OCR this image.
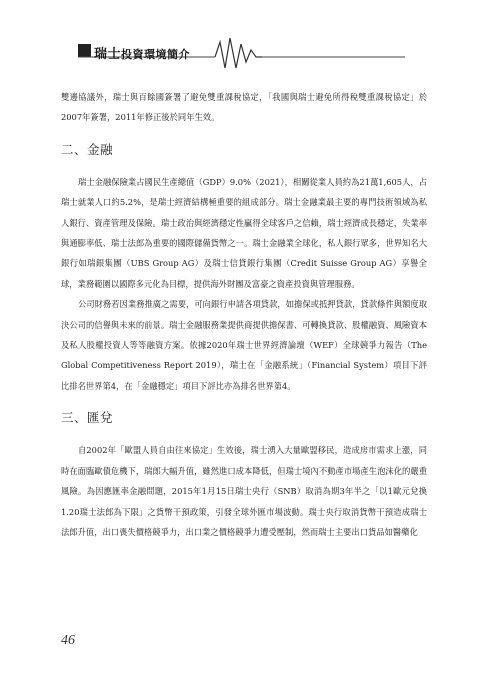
瑞士投資環境簡介

雙邊協議外，瑞士與百餘國簽署了避免雙重課稅協定，「我國與瑞士避免所得稅雙重課稅協定」於2007年簽署，2011年修正後於同年生效。

二、金融

瑞士金融保險業占國民生產總值（GDP）9.0%（2021），相關從業人員約為21萬1,605人，占瑞士就業人口約5.2%，是瑞士經濟結構極重要的組成部分。瑞士金融業最主要的專門技術領域為私人銀行、資產管理及保險。瑞士政治與經濟穩定性贏得全球客戶之信賴，瑞士經濟成長穩定，失業率與通膨率低、瑞士法郎為重要的國際儲備貨幣之一。瑞士金融業全球化，私人銀行眾多，世界知名大銀行如瑞銀集團（UBS Group AG）及瑞士信貸銀行集團（Credit Suisse Group AG）享譽全球，業務範圍以國際多元化為目標，提供海外財團及富豪之資產投資與管理服務。

公司財務若因業務推廣之需要，可向銀行申請各項貸款，如擔保或抵押貸款，貸款條件與額度取決公司的信譽與未來的前景。瑞士金融服務業提供商提供擔保書、可轉換貸款、股權融資、風險資本及私人股權投資人等等融資方案。依據2020年瑞士世界經濟論壇（WEF）全球競爭力報告（The Global Competitiveness Report 2019），瑞士在「金融系統」（Financial System）項目下評比排名世界第4，在「金融穩定」項目下評比亦為排名世界第4。

三、匯兌

自2002年「歐盟人員自由往來協定」生效後，瑞士湧入大量歐盟移民，造成房市需求上漲，同時在面臨歐債危機下，瑞郎大幅升值，雖然進口成本降低，但瑞士境內不動產市場產生泡沫化的嚴重風險。為因應匯率金融問題，2015年1月15日瑞士央行（SNB）取消為期3年半之「以1歐元兌換1.20瑞士法郎為下限」之貨幣干預政策，引發全球外匯市場波動。瑞士央行取消貨幣干預造成瑞士法郎升值，出口喪失價格競爭力，出口業之價格競爭力遭受壓制，然而瑞士主要出口貨品如醫藥化

46
